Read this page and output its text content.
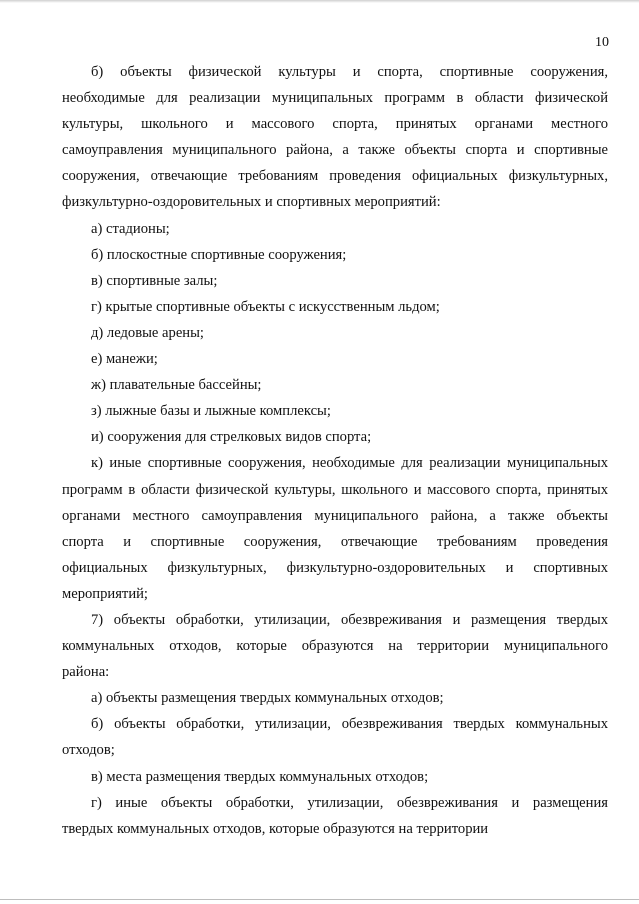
10
б) объекты физической культуры и спорта, спортивные сооружения,
необходимые для реализации муниципальных программ в области физической
культуры, школьного и массового спорта, принятых органами местного
самоуправления муниципального района, а также объекты спорта и спортивные
сооружения, отвечающие требованиям проведения официальных физкультурных,
физкультурно-оздоровительных и спортивных мероприятий:
а) стадионы;
б) плоскостные спортивные сооружения;
в) спортивные залы;
г) крытые спортивные объекты с искусственным льдом;
д) ледовые арены;
е) манежи;
ж) плавательные бассейны;
з) лыжные базы и лыжные комплексы;
и) сооружения для стрелковых видов спорта;
к) иные спортивные сооружения, необходимые для реализации муниципальных
программ в области физической культуры, школьного и массового спорта, принятых
органами местного самоуправления муниципального района, а также объекты
спорта и спортивные сооружения, отвечающие требованиям проведения
официальных физкультурных, физкультурно-оздоровительных и спортивных
мероприятий;
7) объекты обработки, утилизации, обезвреживания и размещения твердых
коммунальных отходов, которые образуются на территории муниципального
района:
а) объекты размещения твердых коммунальных отходов;
б) объекты обработки, утилизации, обезвреживания твердых коммунальных
отходов;
в) места размещения твердых коммунальных отходов;
г) иные объекты обработки, утилизации, обезвреживания и размещения
твердых коммунальных отходов, которые образуются на территории
